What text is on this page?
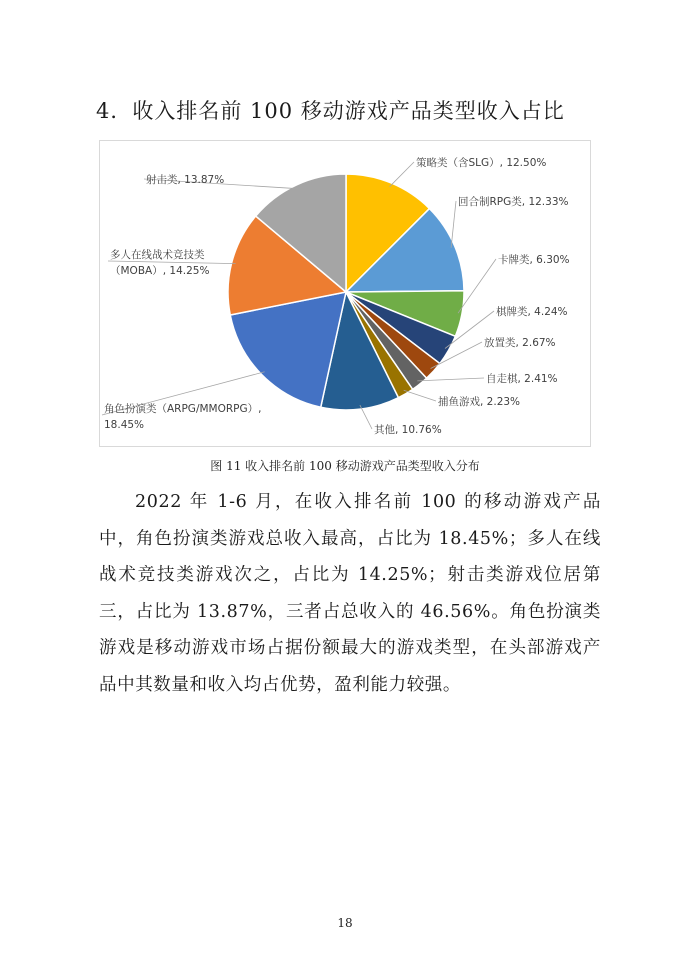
4．收入排名前 100 移动游戏产品类型收入占比
策略类（含SLG）, 12.50%
回合制RPG类, 12.33%
卡牌类, 6.30%
棋牌类, 4.24%
放置类, 2.67%
自走棋, 2.41%
捕鱼游戏, 2.23%
其他, 10.76%
角色扮演类（ARPG/MMORPG）, 18.45%
多人在线战术竞技类（MOBA）, 14.25%
射击类, 13.87%
图 11 收入排名前 100 移动游戏产品类型收入分布

2022 年 1-6 月，在收入排名前 100 的移动游戏产品中，角色扮演类游戏总收入最高，占比为 18.45%；多人在线战术竞技类游戏次之，占比为 14.25%；射击类游戏位居第三，占比为 13.87%，三者占总收入的 46.56%。角色扮演类游戏是移动游戏市场占据份额最大的游戏类型，在头部游戏产品中其数量和收入均占优势，盈利能力较强。

18
